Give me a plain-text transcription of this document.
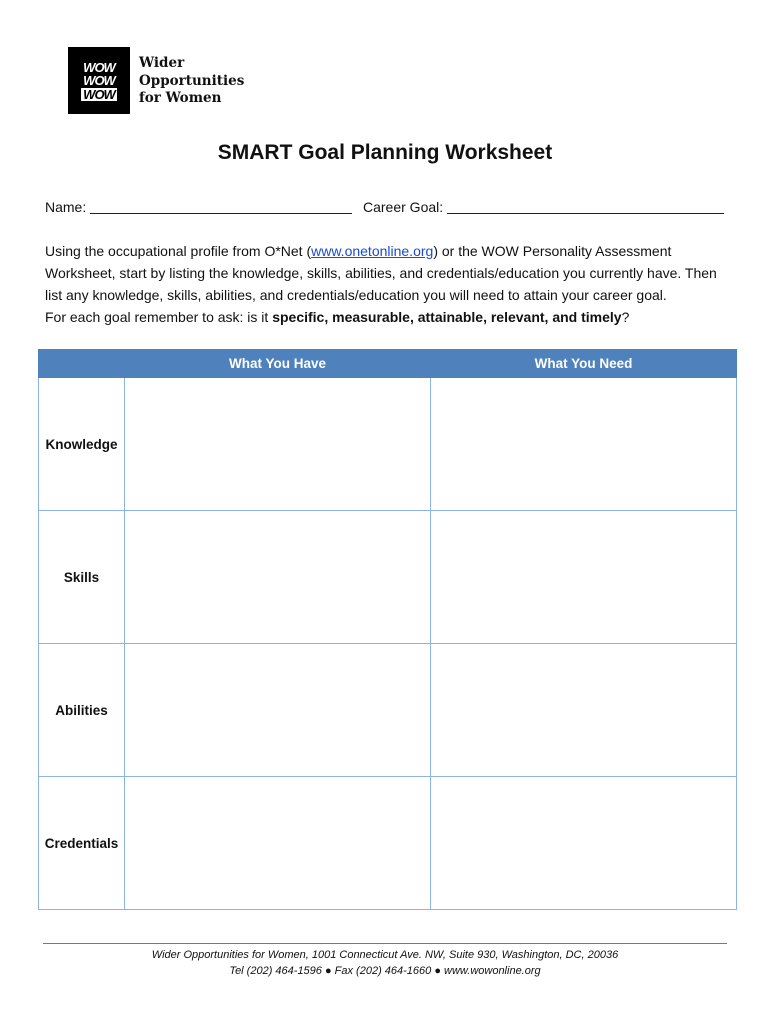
WOW
WOW
WOW
Wider
Opportunities
for Women
SMART Goal Planning Worksheet
Name:	Career Goal:

Using the occupational profile from O*Net (www.onetonline.org) or the WOW Personality Assessment Worksheet, start by listing the knowledge, skills, abilities, and credentials/education you currently have. Then list any knowledge, skills, abilities, and credentials/education you will need to attain your career goal.

For each goal remember to ask: is it specific, measurable, attainable, relevant, and timely?

	What You Have	What You Need
Knowledge		
Skills		
Abilities		
Credentials		
Wider Opportunities for Women, 1001 Connecticut Ave. NW, Suite 930, Washington, DC, 20036
Tel (202) 464-1596 ● Fax (202) 464-1660 ● www.wowonline.org
